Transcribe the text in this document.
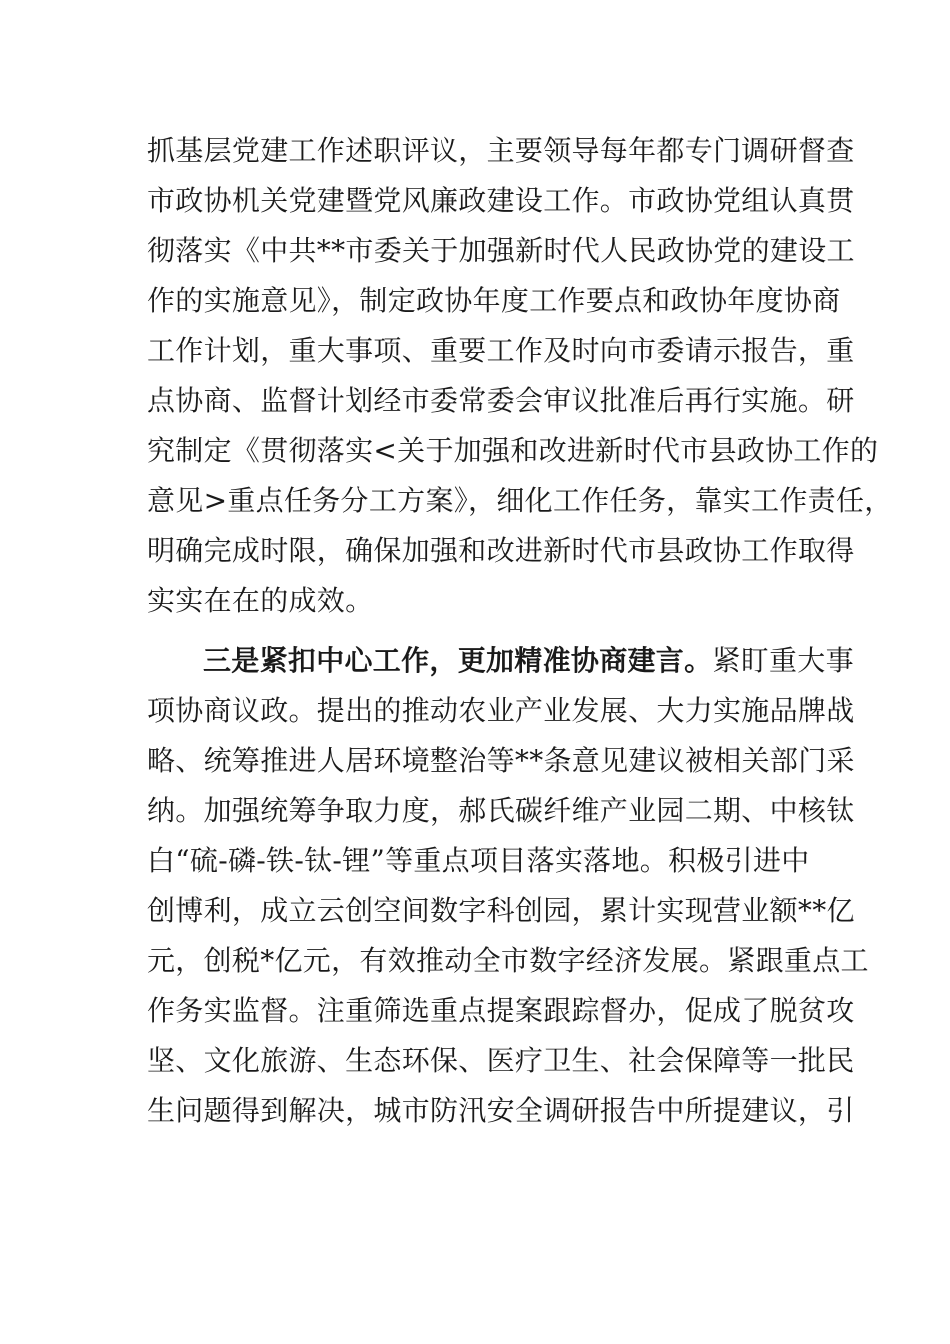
抓基层党建工作述职评议，主要领导每年都专门调研督查
市政协机关党建暨党风廉政建设工作。市政协党组认真贯
彻落实《中共**市委关于加强新时代人民政协党的建设工
作的实施意见》，制定政协年度工作要点和政协年度协商
工作计划，重大事项、重要工作及时向市委请示报告，重
点协商、监督计划经市委常委会审议批准后再行实施。研
究制定《贯彻落实<关于加强和改进新时代市县政协工作的
意见>重点任务分工方案》，细化工作任务，靠实工作责任，
明确完成时限，确保加强和改进新时代市县政协工作取得
实实在在的成效。
三是紧扣中心工作，更加精准协商建言。紧盯重大事
项协商议政。提出的推动农业产业发展、大力实施品牌战
略、统筹推进人居环境整治等**条意见建议被相关部门采
纳。加强统筹争取力度，郝氏碳纤维产业园二期、中核钛
白“硫-磷-铁-钛-锂”等重点项目落实落地。积极引进中
创博利，成立云创空间数字科创园，累计实现营业额**亿
元，创税*亿元，有效推动全市数字经济发展。紧跟重点工
作务实监督。注重筛选重点提案跟踪督办，促成了脱贫攻
坚、文化旅游、生态环保、医疗卫生、社会保障等一批民
生问题得到解决，城市防汛安全调研报告中所提建议，引
